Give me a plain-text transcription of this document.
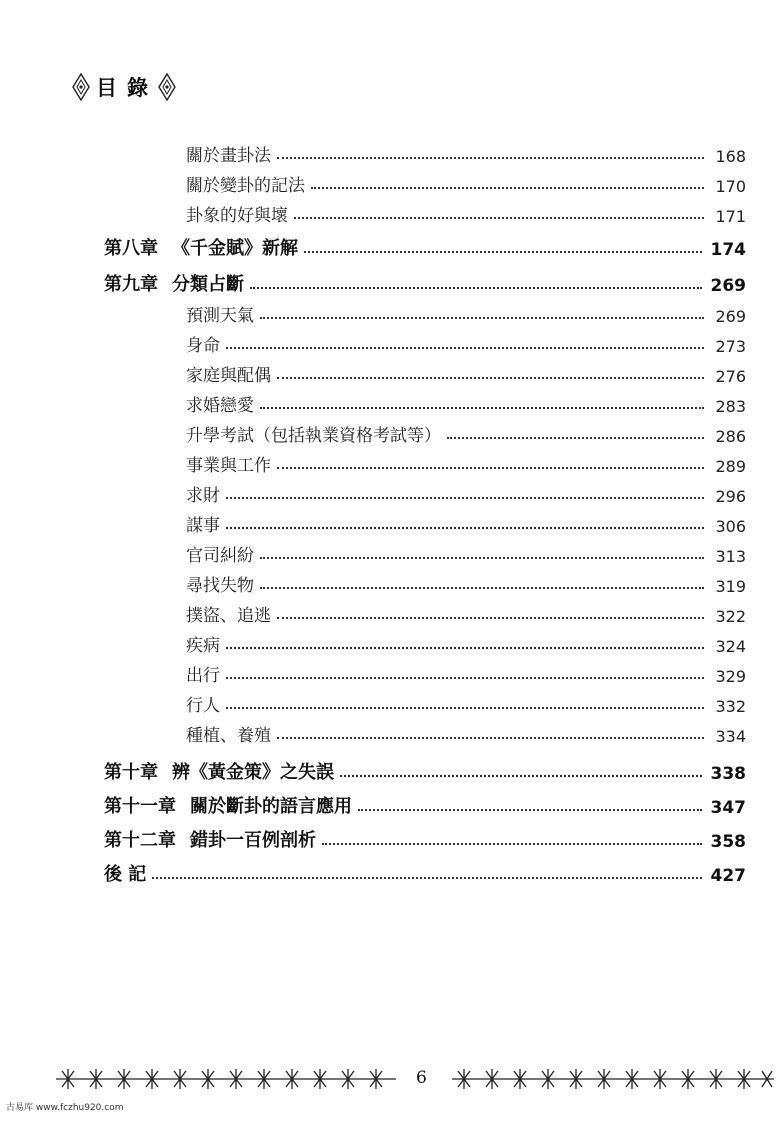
目錄
關於畫卦法	168
關於變卦的記法	170
卦象的好與壞	171
第八章 《千金賦》新解	174
第九章 分類占斷	269
預測天氣	269
身命	273
家庭與配偶	276
求婚戀愛	283
升學考試（包括執業資格考試等）	286
事業與工作	289
求財	296
謀事	306
官司糾紛	313
尋找失物	319
撲盜、追逃	322
疾病	324
出行	329
行人	332
種植、養殖	334
第十章 辨《黃金策》之失誤	338
第十一章 關於斷卦的語言應用	347
第十二章 錯卦一百例剖析	358
後 記	427
6
古易库 www.fczhu920.com
